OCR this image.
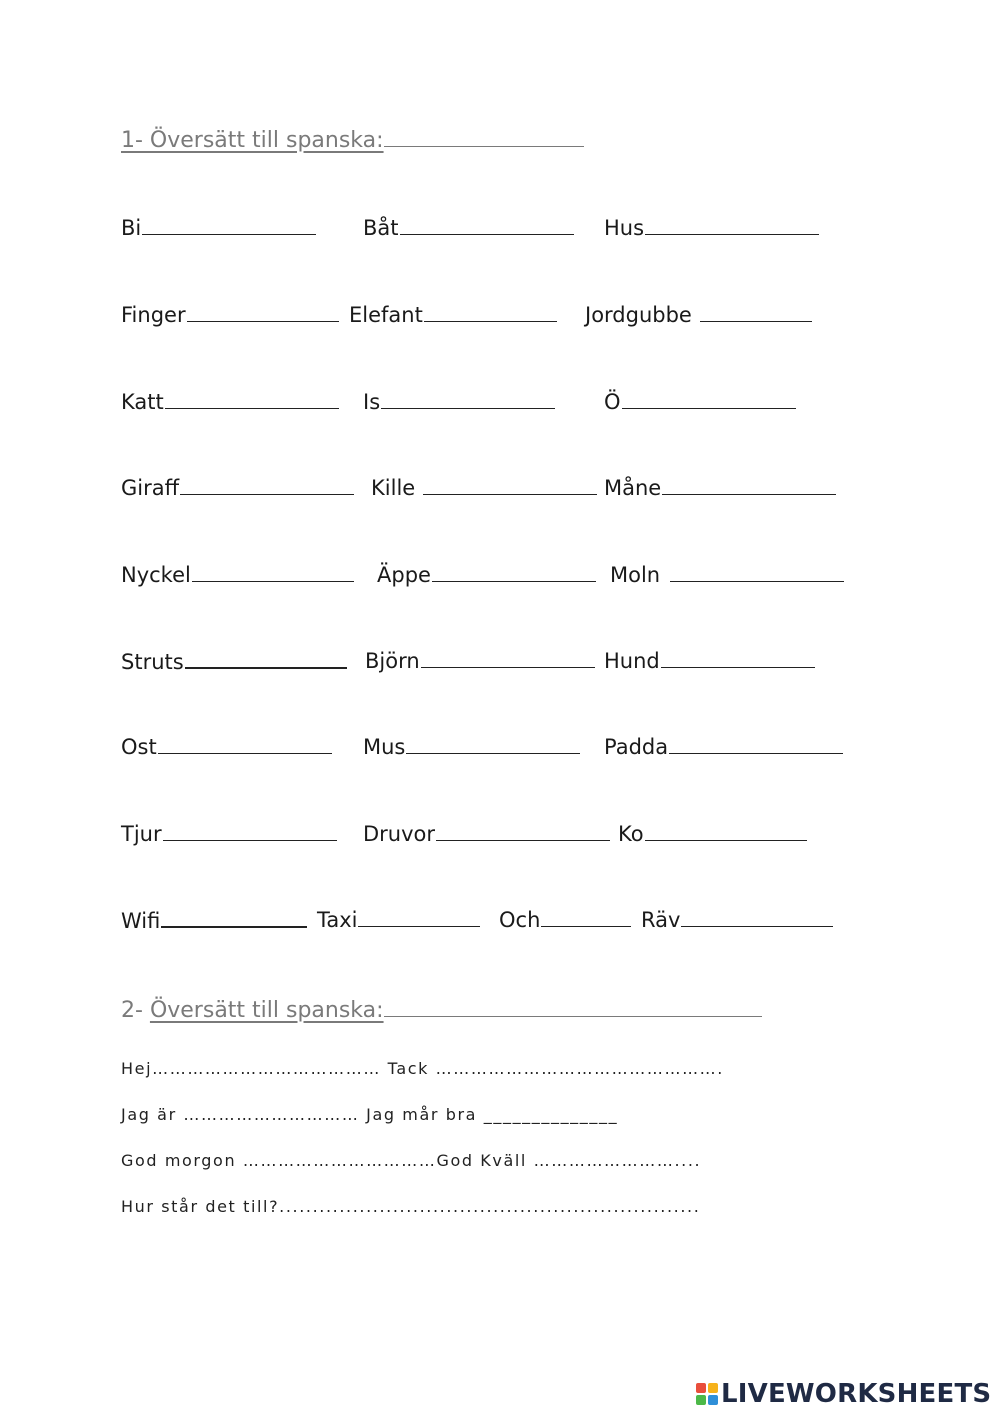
1- Översätt till spanska:
Bi	Båt	Hus
Finger	Elefant	Jordgubbe
Katt	Is	Ö
Giraff	Kille	Måne
Nyckel	Äppe	Moln
Struts	Björn	Hund
Ost	Mus	Padda
Tjur	Druvor	Ko
Wifi	Taxi	Och	Räv
2- Översätt till spanska:
Hej………………………………… Tack ………………………………………….
Jag är ………………………… Jag mår bra ______________
God morgon ……………………………God Kväll ……………………....
Hur står det till?...............................................................
LIVEWORKSHEETS
